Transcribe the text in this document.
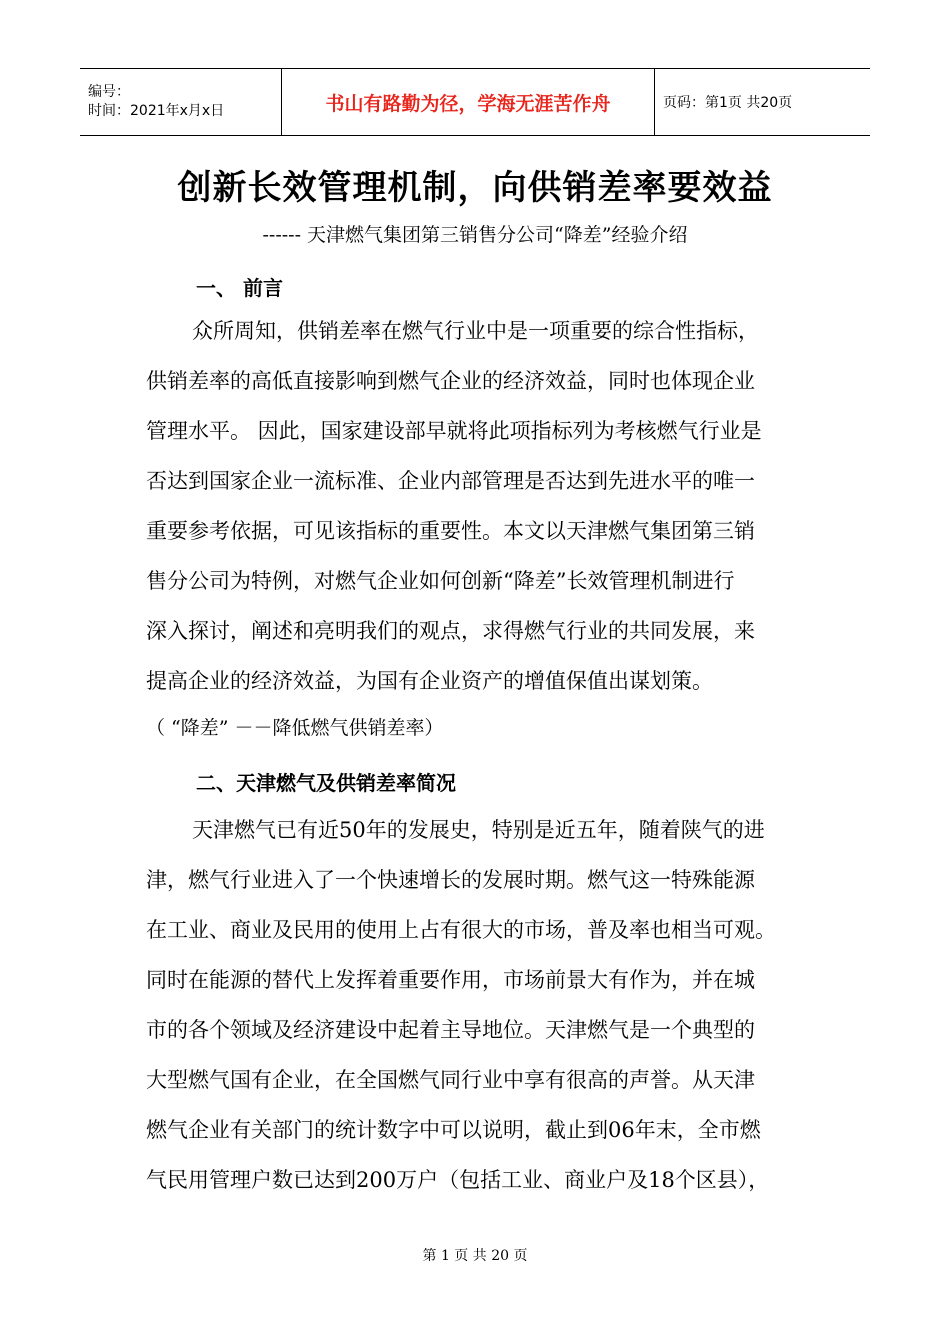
编号：
时间：2021年x月x日	书山有路勤为径，学海无涯苦作舟	页码：第1页 共20页
创新长效管理机制，向供销差率要效益

------ 天津燃气集团第三销售分公司“降差”经验介绍

一、 前言
众所周知，供销差率在燃气行业中是一项重要的综合性指标，
供销差率的高低直接影响到燃气企业的经济效益，同时也体现企业
管理水平。 因此，国家建设部早就将此项指标列为考核燃气行业是
否达到国家企业一流标准、企业内部管理是否达到先进水平的唯一
重要参考依据，可见该指标的重要性。本文以天津燃气集团第三销
售分公司为特例，对燃气企业如何创新“降差”长效管理机制进行
深入探讨，阐述和亮明我们的观点，求得燃气行业的共同发展，来
提高企业的经济效益，为国有企业资产的增值保值出谋划策。
（ “降差” －－降低燃气供销差率）
二、天津燃气及供销差率简况
天津燃气已有近50年的发展史，特别是近五年，随着陕气的进
津，燃气行业进入了一个快速增长的发展时期。燃气这一特殊能源
在工业、商业及民用的使用上占有很大的市场，普及率也相当可观。
同时在能源的替代上发挥着重要作用，市场前景大有作为，并在城
市的各个领域及经济建设中起着主导地位。天津燃气是一个典型的
大型燃气国有企业，在全国燃气同行业中享有很高的声誉。从天津
燃气企业有关部门的统计数字中可以说明，截止到06年末，全市燃
气民用管理户数已达到200万户（包括工业、商业户及18个区县），
第 1 页 共 20 页
